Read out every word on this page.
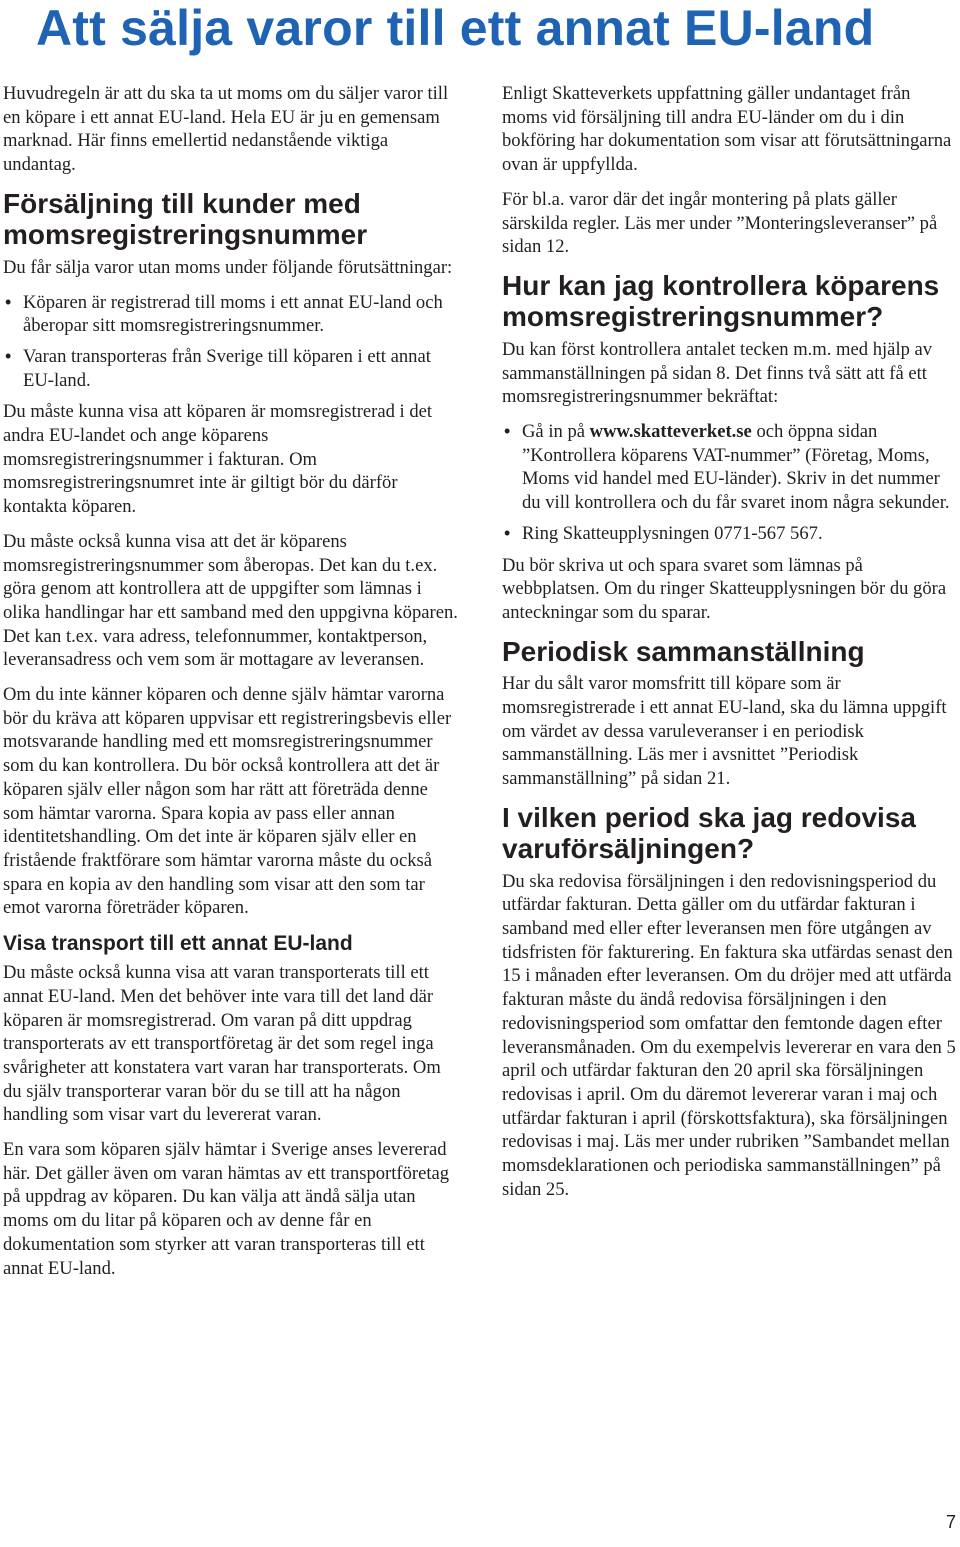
Att sälja varor till ett annat EU-land

Huvudregeln är att du ska ta ut moms om du säljer varor till en köpare i ett annat EU-land. Hela EU är ju en gemensam marknad. Här finns emellertid nedanstående viktiga undantag.

Försäljning till kunder med momsregistreringsnummer

Du får sälja varor utan moms under följande förutsättningar:

• Köparen är registrerad till moms i ett annat EU-land och åberopar sitt momsregistreringsnummer.
• Varan transporteras från Sverige till köparen i ett annat EU-land.

Du måste kunna visa att köparen är momsregistrerad i det andra EU-landet och ange köparens momsregistreringsnummer i fakturan. Om momsregistreringsnumret inte är giltigt bör du därför kontakta köparen.

Du måste också kunna visa att det är köparens momsregistreringsnummer som åberopas. Det kan du t.ex. göra genom att kontrollera att de uppgifter som lämnas i olika handlingar har ett samband med den uppgivna köparen. Det kan t.ex. vara adress, telefonnummer, kontaktperson, leveransadress och vem som är mottagare av leveransen.

Om du inte känner köparen och denne själv hämtar varorna bör du kräva att köparen uppvisar ett registreringsbevis eller motsvarande handling med ett momsregistreringsnummer som du kan kontrollera. Du bör också kontrollera att det är köparen själv eller någon som har rätt att företräda denne som hämtar varorna. Spara kopia av pass eller annan identitetshandling. Om det inte är köparen själv eller en fristående fraktförare som hämtar varorna måste du också spara en kopia av den handling som visar att den som tar emot varorna företräder köparen.

Visa transport till ett annat EU-land

Du måste också kunna visa att varan transporterats till ett annat EU-land. Men det behöver inte vara till det land där köparen är momsregistrerad. Om varan på ditt uppdrag transporterats av ett transportföretag är det som regel inga svårigheter att konstatera vart varan har transporterats. Om du själv transporterar varan bör du se till att ha någon handling som visar vart du levererat varan.

En vara som köparen själv hämtar i Sverige anses levererad här. Det gäller även om varan hämtas av ett transportföretag på uppdrag av köparen. Du kan välja att ändå sälja utan moms om du litar på köparen och av denne får en dokumentation som styrker att varan transporteras till ett annat EU-land.

Enligt Skatteverkets uppfattning gäller undantaget från moms vid försäljning till andra EU-länder om du i din bokföring har dokumentation som visar att förutsättningarna ovan är uppfyllda.

För bl.a. varor där det ingår montering på plats gäller särskilda regler. Läs mer under ”Monteringsleveranser” på sidan 12.

Hur kan jag kontrollera köparens momsregistreringsnummer?

Du kan först kontrollera antalet tecken m.m. med hjälp av sammanställningen på sidan 8. Det finns två sätt att få ett momsregistreringsnummer bekräftat:

• Gå in på www.skatteverket.se och öppna sidan ”Kontrollera köparens VAT-nummer” (Företag, Moms, Moms vid handel med EU-länder). Skriv in det nummer du vill kontrollera och du får svaret inom några sekunder.
• Ring Skatteupplysningen 0771-567 567.

Du bör skriva ut och spara svaret som lämnas på webbplatsen. Om du ringer Skatteupplysningen bör du göra anteckningar som du sparar.

Periodisk sammanställning

Har du sålt varor momsfritt till köpare som är momsregistrerade i ett annat EU-land, ska du lämna uppgift om värdet av dessa varuleveranser i en periodisk sammanställning. Läs mer i avsnittet ”Periodisk sammanställning” på sidan 21.

I vilken period ska jag redovisa varuförsäljningen?

Du ska redovisa försäljningen i den redovisningsperiod du utfärdar fakturan. Detta gäller om du utfärdar fakturan i samband med eller efter leveransen men före utgången av tidsfristen för fakturering. En faktura ska utfärdas senast den 15 i månaden efter leveransen. Om du dröjer med att utfärda fakturan måste du ändå redovisa försäljningen i den redovisningsperiod som omfattar den femtonde dagen efter leveransmånaden. Om du exempelvis levererar en vara den 5 april och utfärdar fakturan den 20 april ska försäljningen redovisas i april. Om du däremot levererar varan i maj och utfärdar fakturan i april (förskottsfaktura), ska försäljningen redovisas i maj. Läs mer under rubriken ”Sambandet mellan momsdeklarationen och periodiska sammanställningen” på sidan 25.

7
